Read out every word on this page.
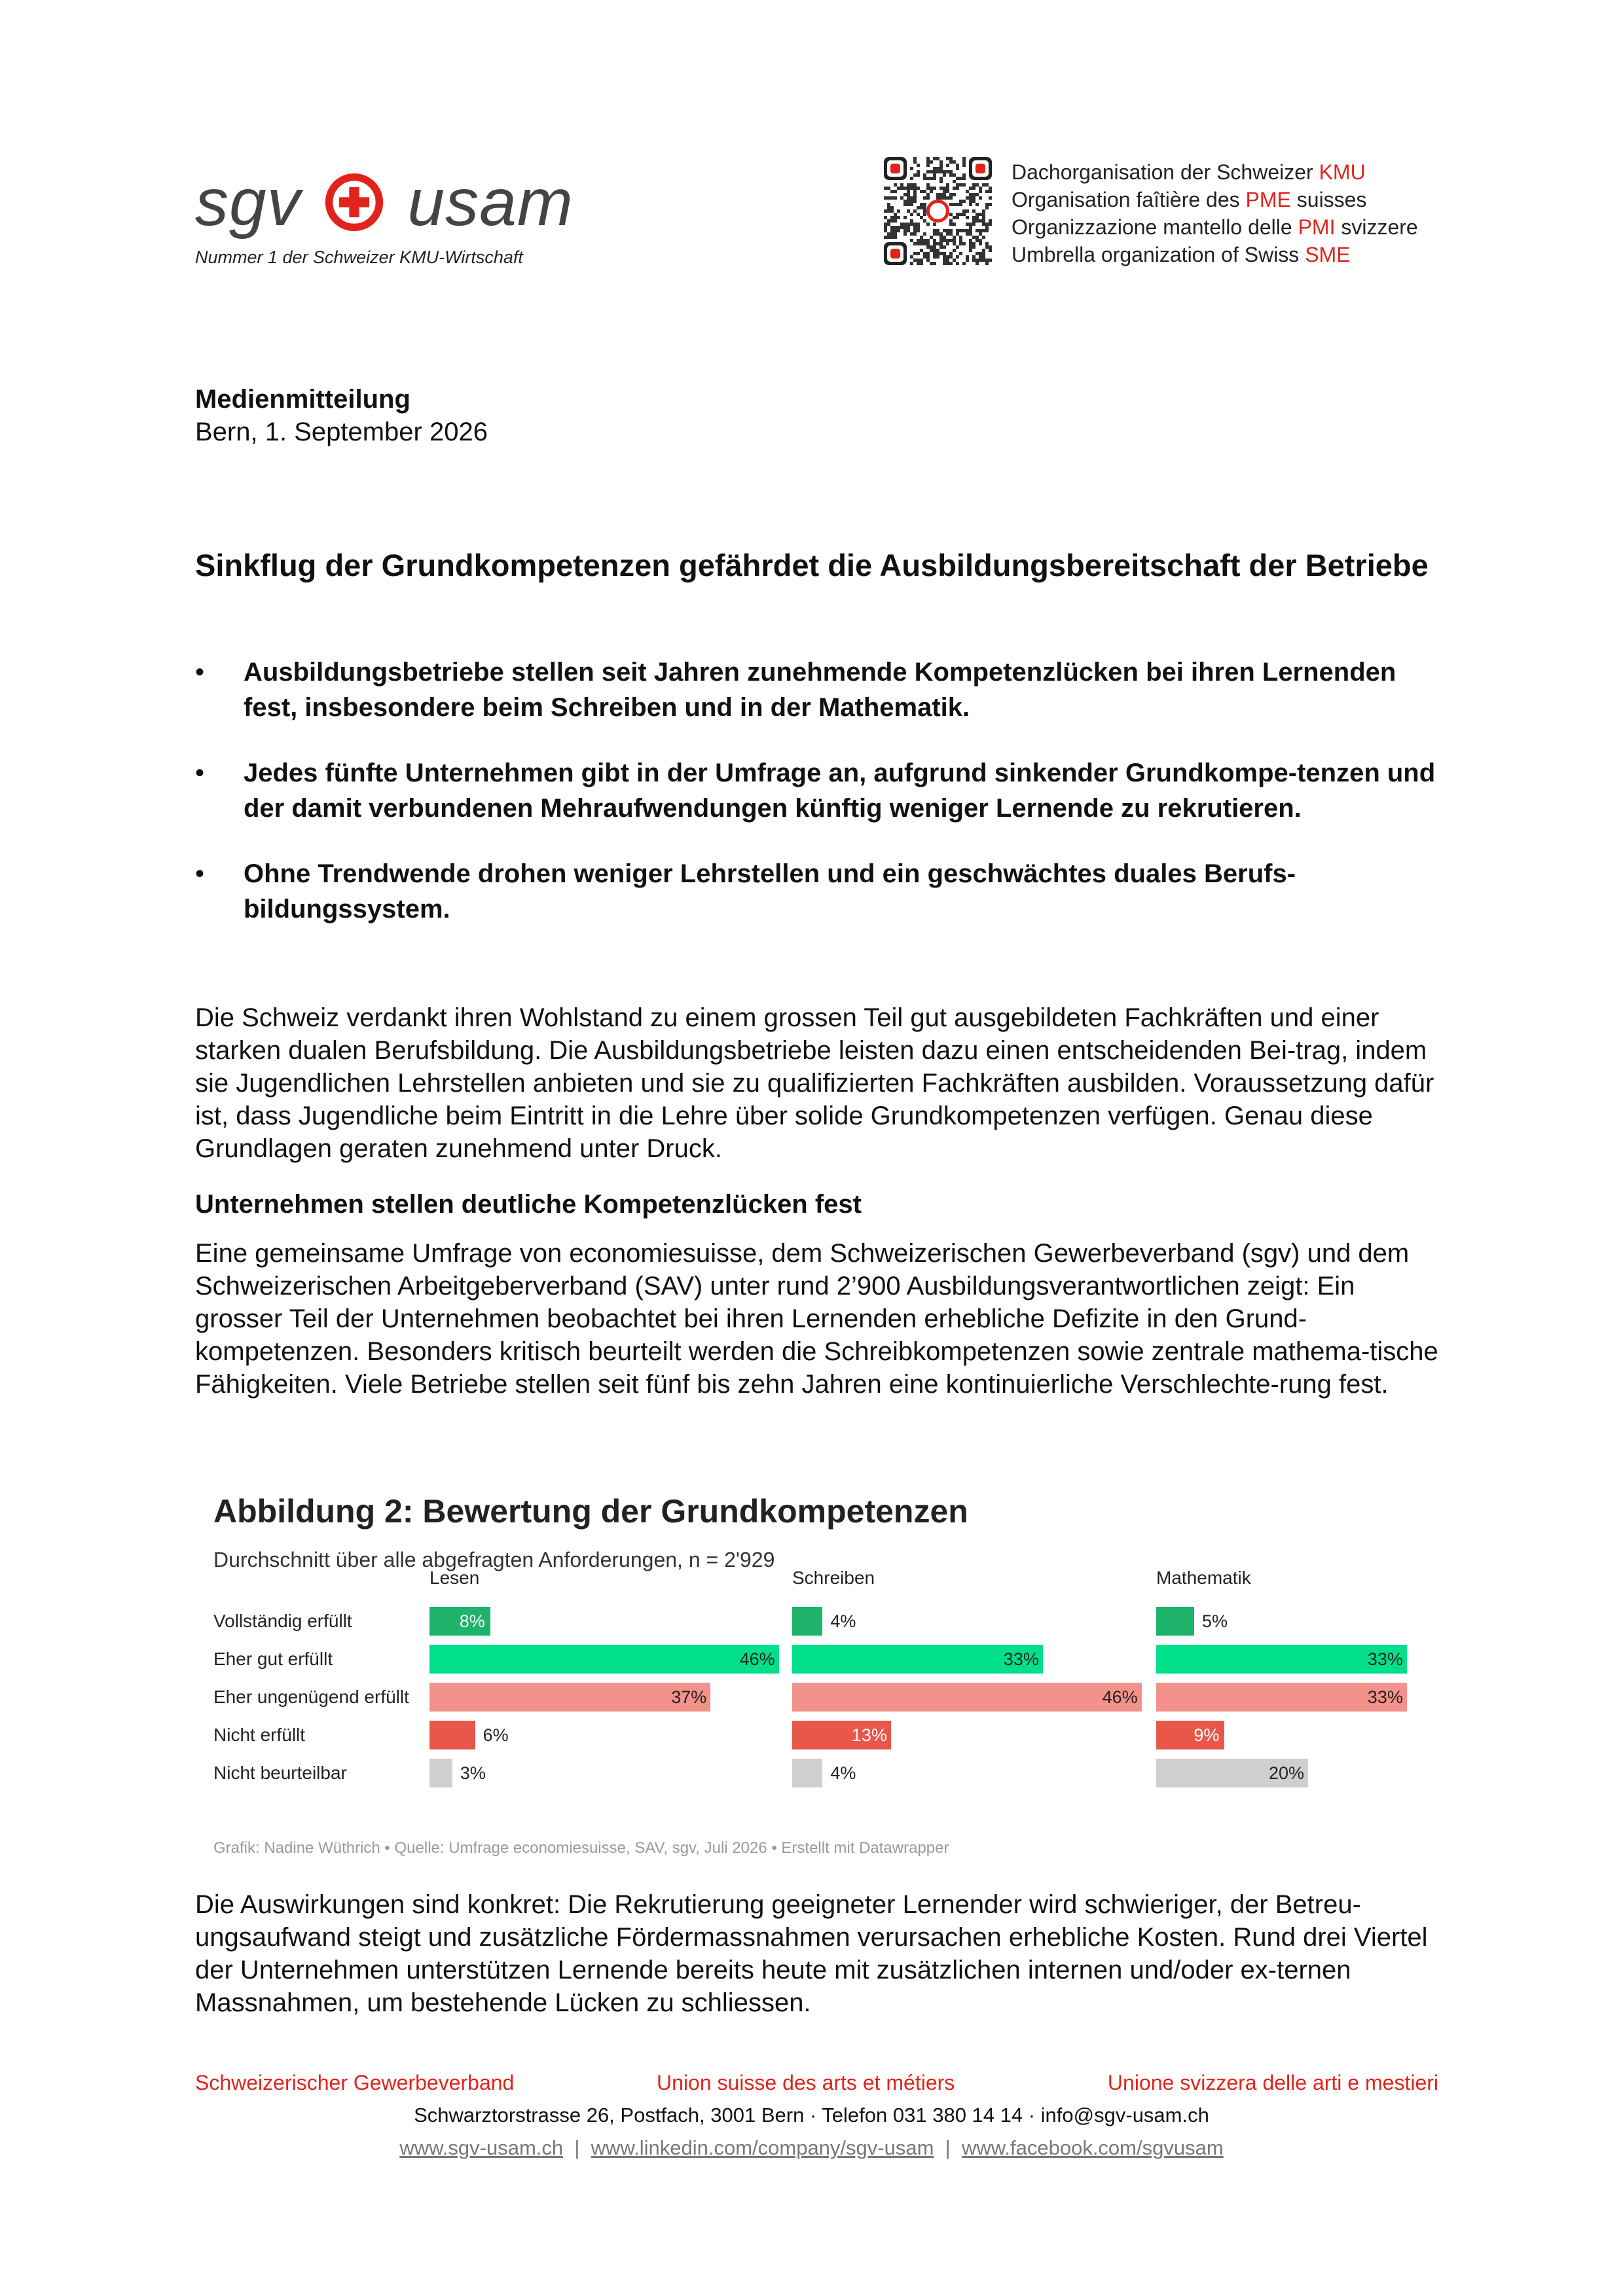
sgv usam
Nummer 1 der Schweizer KMU-Wirtschaft
Dachorganisation der Schweizer KMU
Organisation faîtière des PME suisses
Organizzazione mantello delle PMI svizzere
Umbrella organization of Swiss SME
Medienmitteilung
Bern, 1. September 2026
Sinkflug der Grundkompetenzen gefährdet die Ausbildungsbereitschaft der Betriebe
• Ausbildungsbetriebe stellen seit Jahren zunehmende Kompetenzlücken bei ihren Lernenden fest, insbesondere beim Schreiben und in der Mathematik.
• Jedes fünfte Unternehmen gibt in der Umfrage an, aufgrund sinkender Grundkompe-tenzen und der damit verbundenen Mehraufwendungen künftig weniger Lernende zu rekrutieren.
• Ohne Trendwende drohen weniger Lehrstellen und ein geschwächtes duales Berufs-bildungssystem.

Die Schweiz verdankt ihren Wohlstand zu einem grossen Teil gut ausgebildeten Fachkräften und einer starken dualen Berufsbildung. Die Ausbildungsbetriebe leisten dazu einen entscheidenden Bei-trag, indem sie Jugendlichen Lehrstellen anbieten und sie zu qualifizierten Fachkräften ausbilden. Voraussetzung dafür ist, dass Jugendliche beim Eintritt in die Lehre über solide Grundkompetenzen verfügen. Genau diese Grundlagen geraten zunehmend unter Druck.

Unternehmen stellen deutliche Kompetenzlücken fest

Eine gemeinsame Umfrage von economiesuisse, dem Schweizerischen Gewerbeverband (sgv) und dem Schweizerischen Arbeitgeberverband (SAV) unter rund 2’900 Ausbildungsverantwortlichen zeigt: Ein grosser Teil der Unternehmen beobachtet bei ihren Lernenden erhebliche Defizite in den Grund-kompetenzen. Besonders kritisch beurteilt werden die Schreibkompetenzen sowie zentrale mathema-tische Fähigkeiten. Viele Betriebe stellen seit fünf bis zehn Jahren eine kontinuierliche Verschlechte-rung fest.

Abbildung 2: Bewertung der Grundkompetenzen
Durchschnitt über alle abgefragten Anforderungen, n = 2'929
Grafik: Nadine Wüthrich • Quelle: Umfrage economiesuisse, SAV, sgv, Juli 2026 • Erstellt mit Datawrapper
Vollständig erfüllt
Eher gut erfüllt
Eher ungenügend erfüllt
Nicht erfüllt
Nicht beurteilbar
Lesen
8%
46%
37%
6%
3%
Schreiben
4%
33%
46%
13%
4%
Mathematik
5%
33%
33%
9%
20%

Die Auswirkungen sind konkret: Die Rekrutierung geeigneter Lernender wird schwieriger, der Betreu-ungsaufwand steigt und zusätzliche Fördermassnahmen verursachen erhebliche Kosten. Rund drei Viertel der Unternehmen unterstützen Lernende bereits heute mit zusätzlichen internen und/oder ex-ternen Massnahmen, um bestehende Lücken zu schliessen.

Schweizerischer Gewerbeverband	Union suisse des arts et métiers	Unione svizzera delle arti e mestieri
Schwarztorstrasse 26, Postfach, 3001 Bern · Telefon 031 380 14 14 · info@sgv-usam.ch
www.sgv-usam.ch | www.linkedin.com/company/sgv-usam | www.facebook.com/sgvusam
